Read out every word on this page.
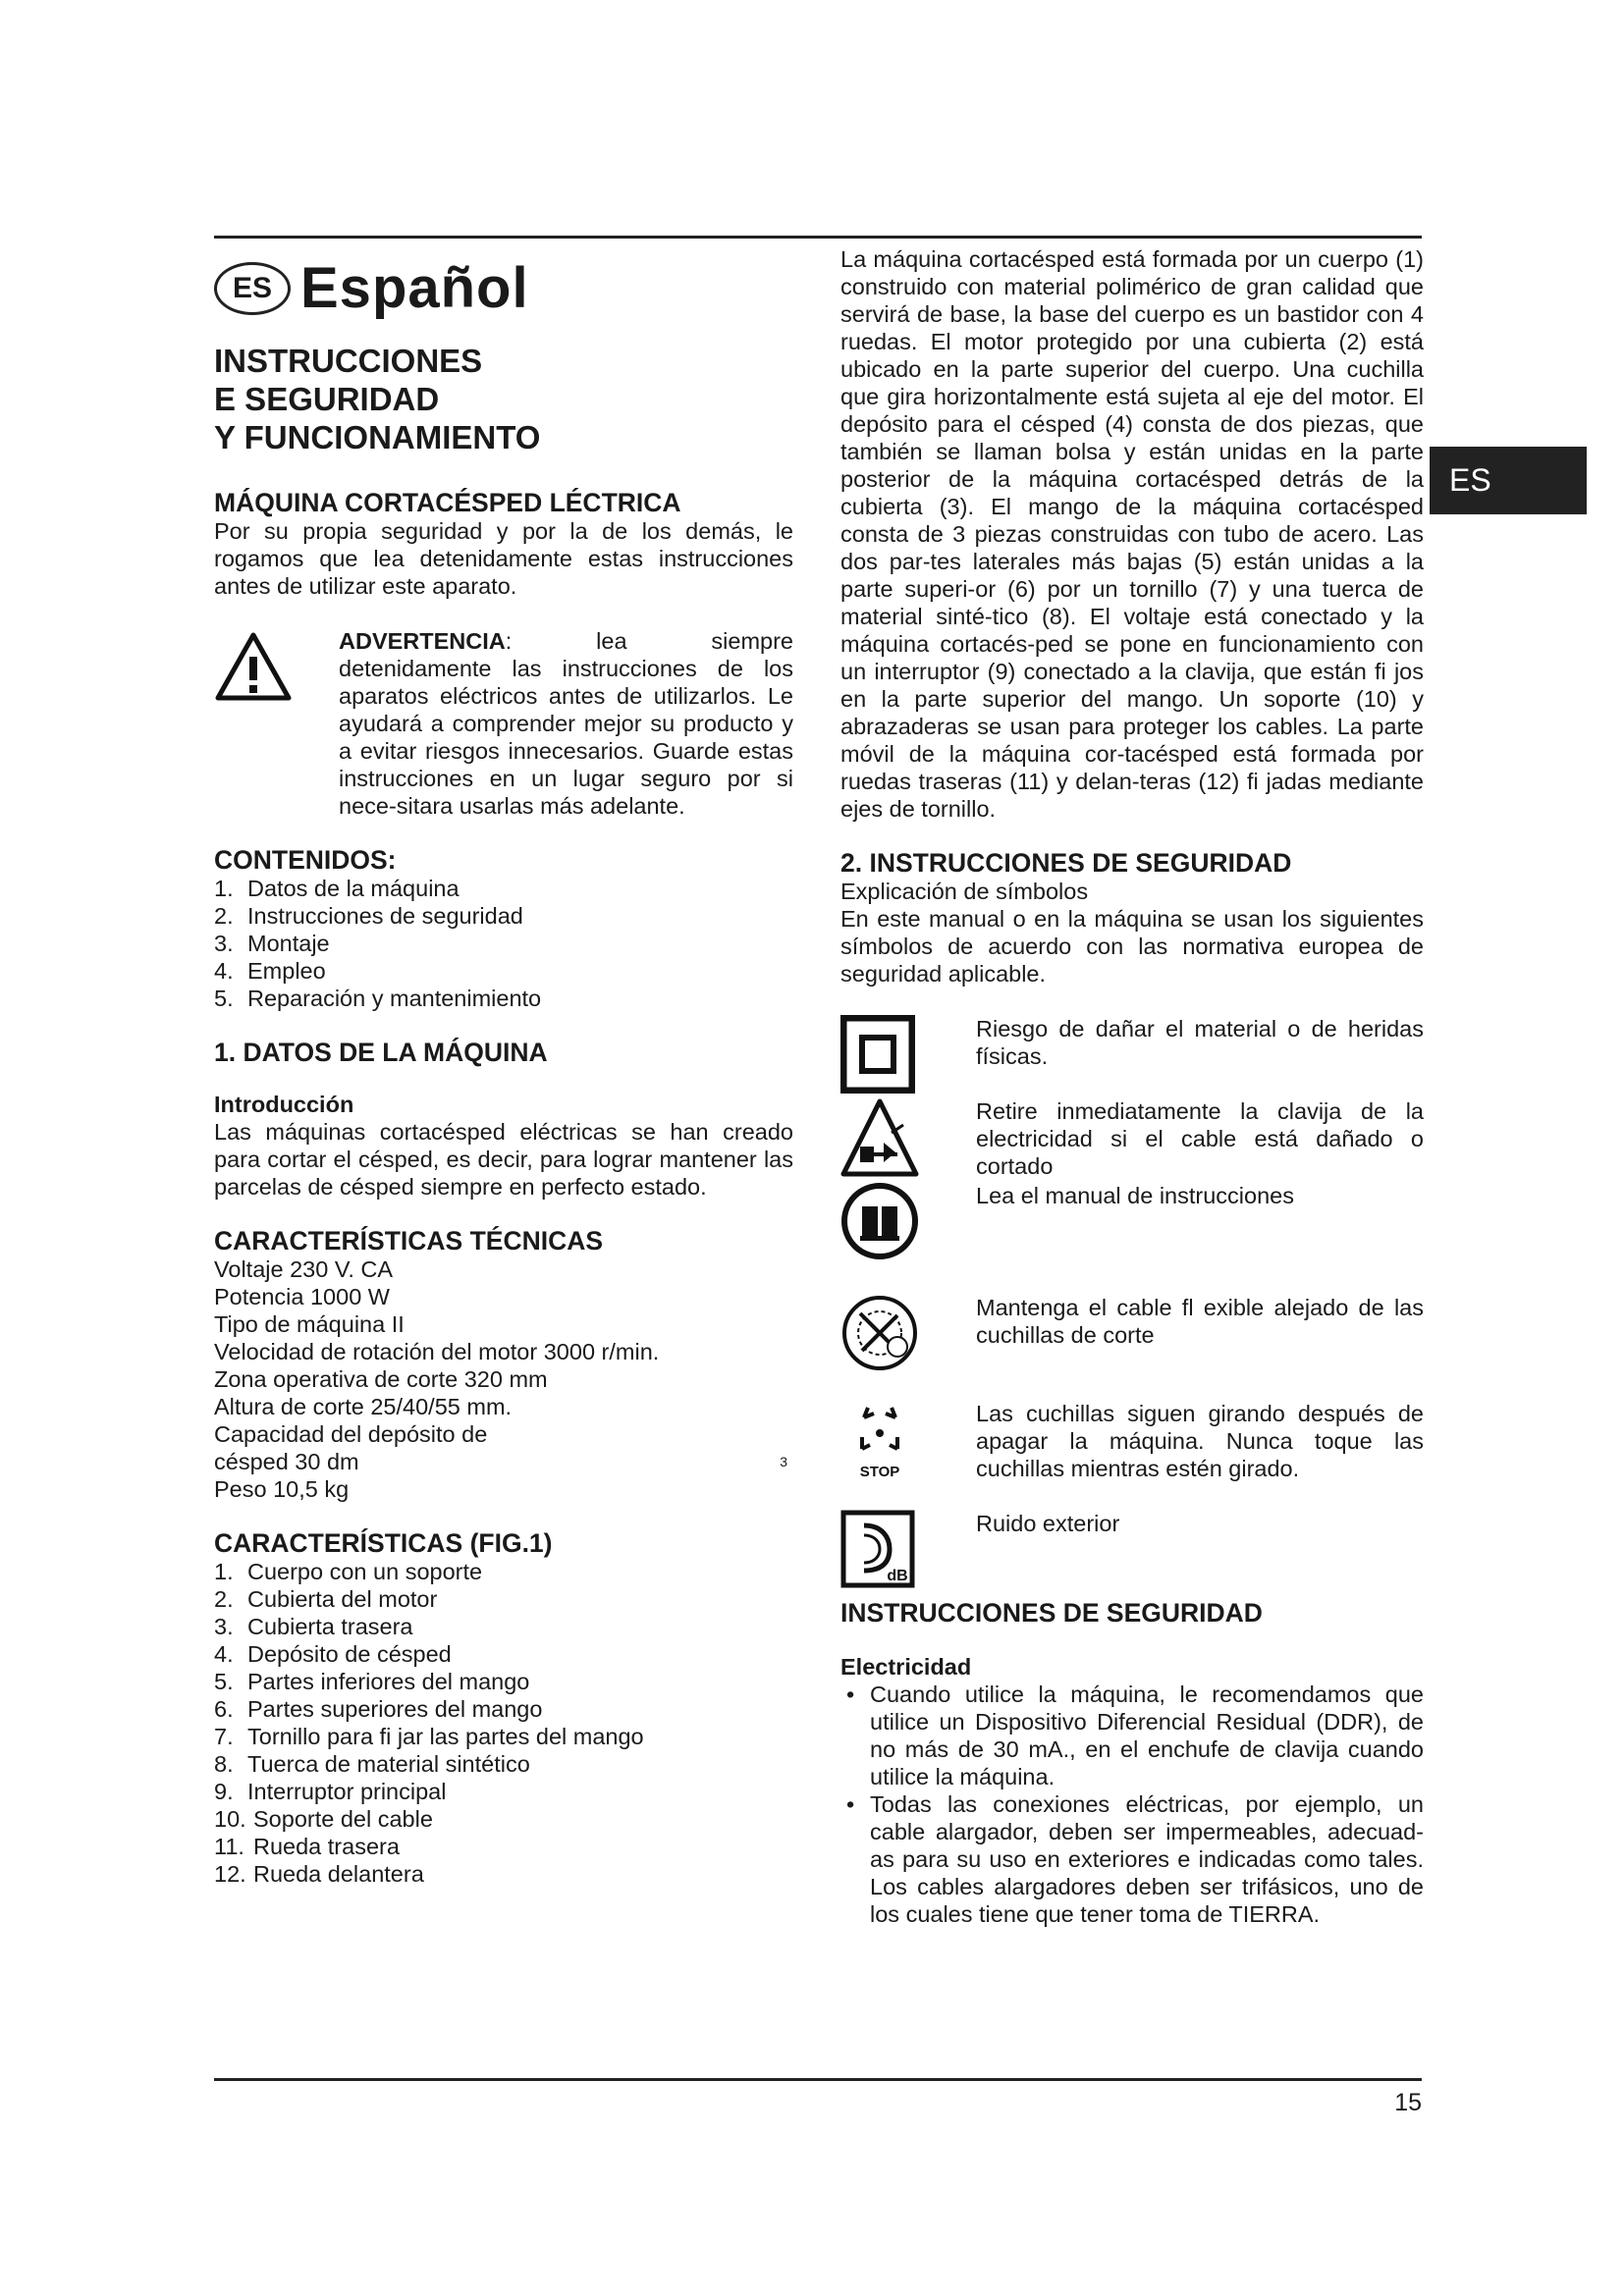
ES
ES Español

INSTRUCCIONES

E SEGURIDAD

Y FUNCIONAMIENTO

MÁQUINA CORTACÉSPED LÉCTRICA

Por su propia seguridad y por la de los demás, le rogamos que lea detenidamente estas instrucciones antes de utilizar este aparato.

ADVERTENCIA: lea siempre detenidamente las instrucciones de los aparatos eléctricos antes de utilizarlos. Le ayudará a comprender mejor su producto y a evitar riesgos innecesarios. Guarde estas instrucciones en un lugar seguro por si nece-sitara usarlas más adelante.

CONTENIDOS:

1. Datos de la máquina
2. Instrucciones de seguridad
3. Montaje
4. Empleo
5. Reparación y mantenimiento

1. DATOS DE LA MÁQUINA

Introducción

Las máquinas cortacésped eléctricas se han creado para cortar el césped, es decir, para lograr mantener las parcelas de césped siempre en perfecto estado.

CARACTERÍSTICAS TÉCNICAS

Voltaje 230 V. CA

Potencia 1000 W

Tipo de máquina II

Velocidad de rotación del motor 3000 r/min.

Zona operativa de corte 320 mm

Altura de corte 25/40/55 mm.

Capacidad del depósito de

césped 30 dm	3

Peso 10,5 kg

CARACTERÍSTICAS (FIG.1)

1. Cuerpo con un soporte
2. Cubierta del motor
3. Cubierta trasera
4. Depósito de césped
5. Partes inferiores del mango
6. Partes superiores del mango
7. Tornillo para fi jar las partes del mango
8. Tuerca de material sintético
9. Interruptor principal
10. Soporte del cable
11. Rueda trasera
12. Rueda delantera

La máquina cortacésped está formada por un cuerpo (1) construido con material polimérico de gran calidad que servirá de base, la base del cuerpo es un bastidor con 4 ruedas. El motor protegido por una cubierta (2) está ubicado en la parte superior del cuerpo. Una cuchilla que gira horizontalmente está sujeta al eje del motor. El depósito para el césped (4) consta de dos piezas, que también se llaman bolsa y están unidas en la parte posterior de la máquina cortacésped detrás de la cubierta (3). El mango de la máquina cortacésped consta de 3 piezas construidas con tubo de acero. Las dos par-tes laterales más bajas (5) están unidas a la parte superi-or (6) por un tornillo (7) y una tuerca de material sinté-tico (8). El voltaje está conectado y la máquina cortacés-ped se pone en funcionamiento con un interruptor (9) conectado a la clavija, que están fi jos en la parte superior del mango. Un soporte (10) y abrazaderas se usan para proteger los cables. La parte móvil de la máquina cor-tacésped está formada por ruedas traseras (11) y delan-teras (12) fi jadas mediante ejes de tornillo.

2. INSTRUCCIONES DE SEGURIDAD

Explicación de símbolos

En este manual o en la máquina se usan los siguientes símbolos de acuerdo con las normativa europea de seguridad aplicable.

Riesgo de dañar el material o de heridas físicas.
Retire inmediatamente la clavija de la electricidad si el cable está dañado o cortado
Lea el manual de instrucciones
Mantenga el cable fl exible alejado de las cuchillas de corte
STOP
Las cuchillas siguen girando después de apagar la máquina. Nunca toque las cuchillas mientras estén girado.
dB
Ruido exterior

INSTRUCCIONES DE SEGURIDAD

Electricidad

• Cuando utilice la máquina, le recomendamos que utilice un Dispositivo Diferencial Residual (DDR), de no más de 30 mA., en el enchufe de clavija cuando utilice la máquina.
• Todas las conexiones eléctricas, por ejemplo, un cable alargador, deben ser impermeables, adecuad-as para su uso en exteriores e indicadas como tales. Los cables alargadores deben ser trifásicos, uno de los cuales tiene que tener toma de TIERRA.
15
